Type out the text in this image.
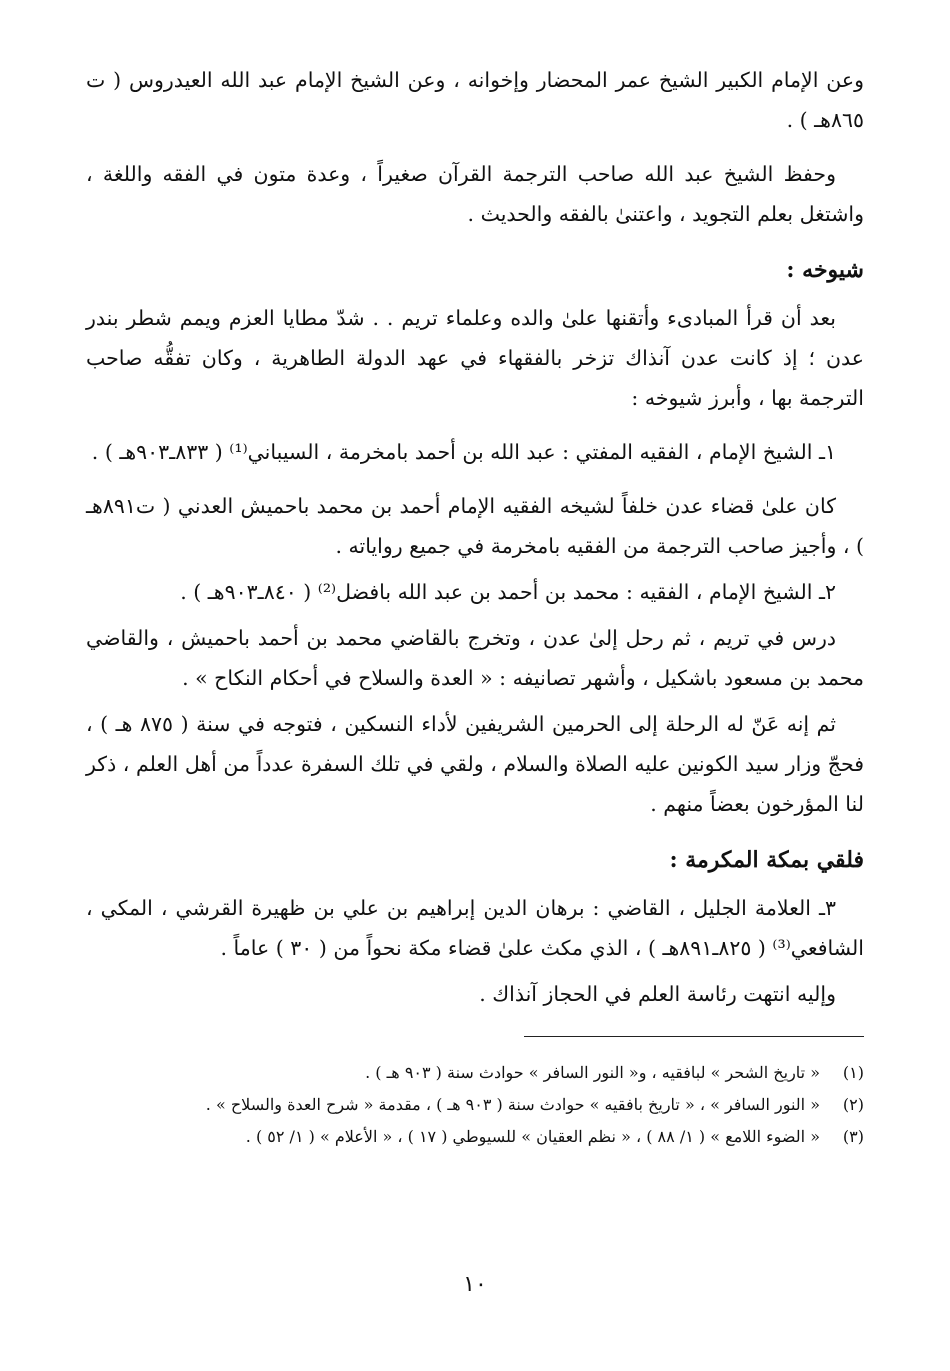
وعن الإمام الكبير الشيخ عمر المحضار وإخوانه ، وعن الشيخ الإمام عبد الله العيدروس ( ت ٨٦٥هـ ) .

وحفظ الشيخ عبد الله صاحب الترجمة القرآن صغيراً ، وعدة متون في الفقه واللغة ، واشتغل بعلم التجويد ، واعتنىٰ بالفقه والحديث .

شيوخه :

بعد أن قرأ المبادىء وأتقنها علىٰ والده وعلماء تريم . . شدّ مطايا العزم ويمم شطر بندر عدن ؛ إذ كانت عدن آنذاك تزخر بالفقهاء في عهد الدولة الطاهرية ، وكان تفقُّه صاحب الترجمة بها ، وأبرز شيوخه :

١ـ الشيخ الإمام ، الفقيه المفتي : عبد الله بن أحمد بامخرمة ، السيباني⁽¹⁾ ( ٨٣٣ـ٩٠٣هـ ) .

كان علىٰ قضاء عدن خلفاً لشيخه الفقيه الإمام أحمد بن محمد باحميش العدني ( ت٨٩١هـ ) ، وأجيز صاحب الترجمة من الفقيه بامخرمة في جميع رواياته .

٢ـ الشيخ الإمام ، الفقيه : محمد بن أحمد بن عبد الله بافضل⁽²⁾ ( ٨٤٠ـ٩٠٣هـ ) .

درس في تريم ، ثم رحل إلىٰ عدن ، وتخرج بالقاضي محمد بن أحمد باحميش ، والقاضي محمد بن مسعود باشكيل ، وأشهر تصانيفه : « العدة والسلاح في أحكام النكاح » .

ثم إنه عَنّ له الرحلة إلى الحرمين الشريفين لأداء النسكين ، فتوجه في سنة ( ٨٧٥ هـ ) ، فحجّ وزار سيد الكونين عليه الصلاة والسلام ، ولقي في تلك السفرة عدداً من أهل العلم ، ذكر لنا المؤرخون بعضاً منهم .

فلقي بمكة المكرمة :

٣ـ العلامة الجليل ، القاضي : برهان الدين إبراهيم بن علي بن ظهيرة القرشي ، المكي ، الشافعي⁽³⁾ ( ٨٢٥ـ٨٩١هـ ) ، الذي مكث علىٰ قضاء مكة نحواً من ( ٣٠ ) عاماً .

وإليه انتهت رئاسة العلم في الحجاز آنذاك .

(١)« تاريخ الشحر » لبافقيه ، و« النور السافر » حوادث سنة ( ٩٠٣ هـ ) .

(٢)« النور السافر » ، « تاريخ بافقيه » حوادث سنة ( ٩٠٣ هـ ) ، مقدمة « شرح العدة والسلاح » .

(٣)« الضوء اللامع » ( ١/ ٨٨ ) ، « نظم العقيان » للسيوطي ( ١٧ ) ، « الأعلام » ( ١/ ٥٢ ) .

١٠
